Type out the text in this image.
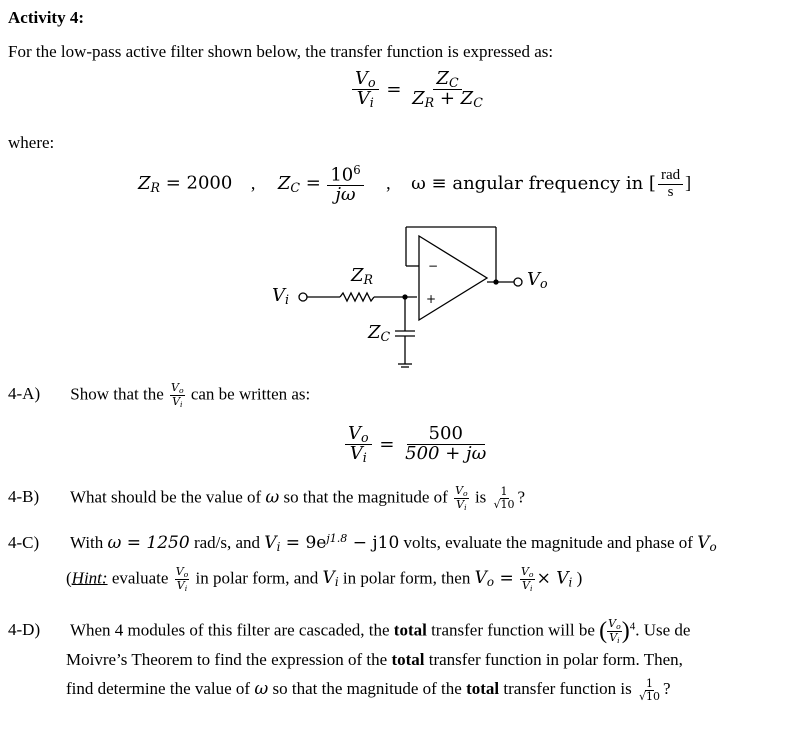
Activity 4:
For the low-pass active filter shown below, the transfer function is expressed as:
$\frac{V_o}{V_i} = \frac{Z_C}{Z_R + Z_C}$
where:
$Z_R = 2000$ , $Z_C = \frac{10^6}{j\omega}$ , ω ≡ angular frequency in [ $\frac{\text{rad}}{s}$ ]
−
+
$V_i$
$Z_R$
$Z_C$
$V_o$
4-A) Show that the $\frac{V_o}{V_i}$ can be written as:
$\frac{V_o}{V_i} = \frac{500}{500 + j\omega}$
4-B) What should be the value of ω so that the magnitude of $\frac{V_o}{V_i}$ is $\frac{1}{√10}$ ?
4-C) With ω = 1250 rad/s, and $V_i = 9e^{j1.8} - j10$ volts, evaluate the magnitude and phase of $V_o$
(Hint: evaluate $\frac{V_o}{V_i}$ in polar form, and $V_i$ in polar form, then $V_o = \frac{V_o}{V_i} \times V_i$ )
4-D) When 4 modules of this filter are cascaded, the total transfer function will be ( $\frac{V_o}{V_i} )^4$. Use de
Moivre’s Theorem to find the expression of the total transfer function in polar form. Then,
find determine the value of ω so that the magnitude of the total transfer function is $\frac{1}{√10}$ ?
